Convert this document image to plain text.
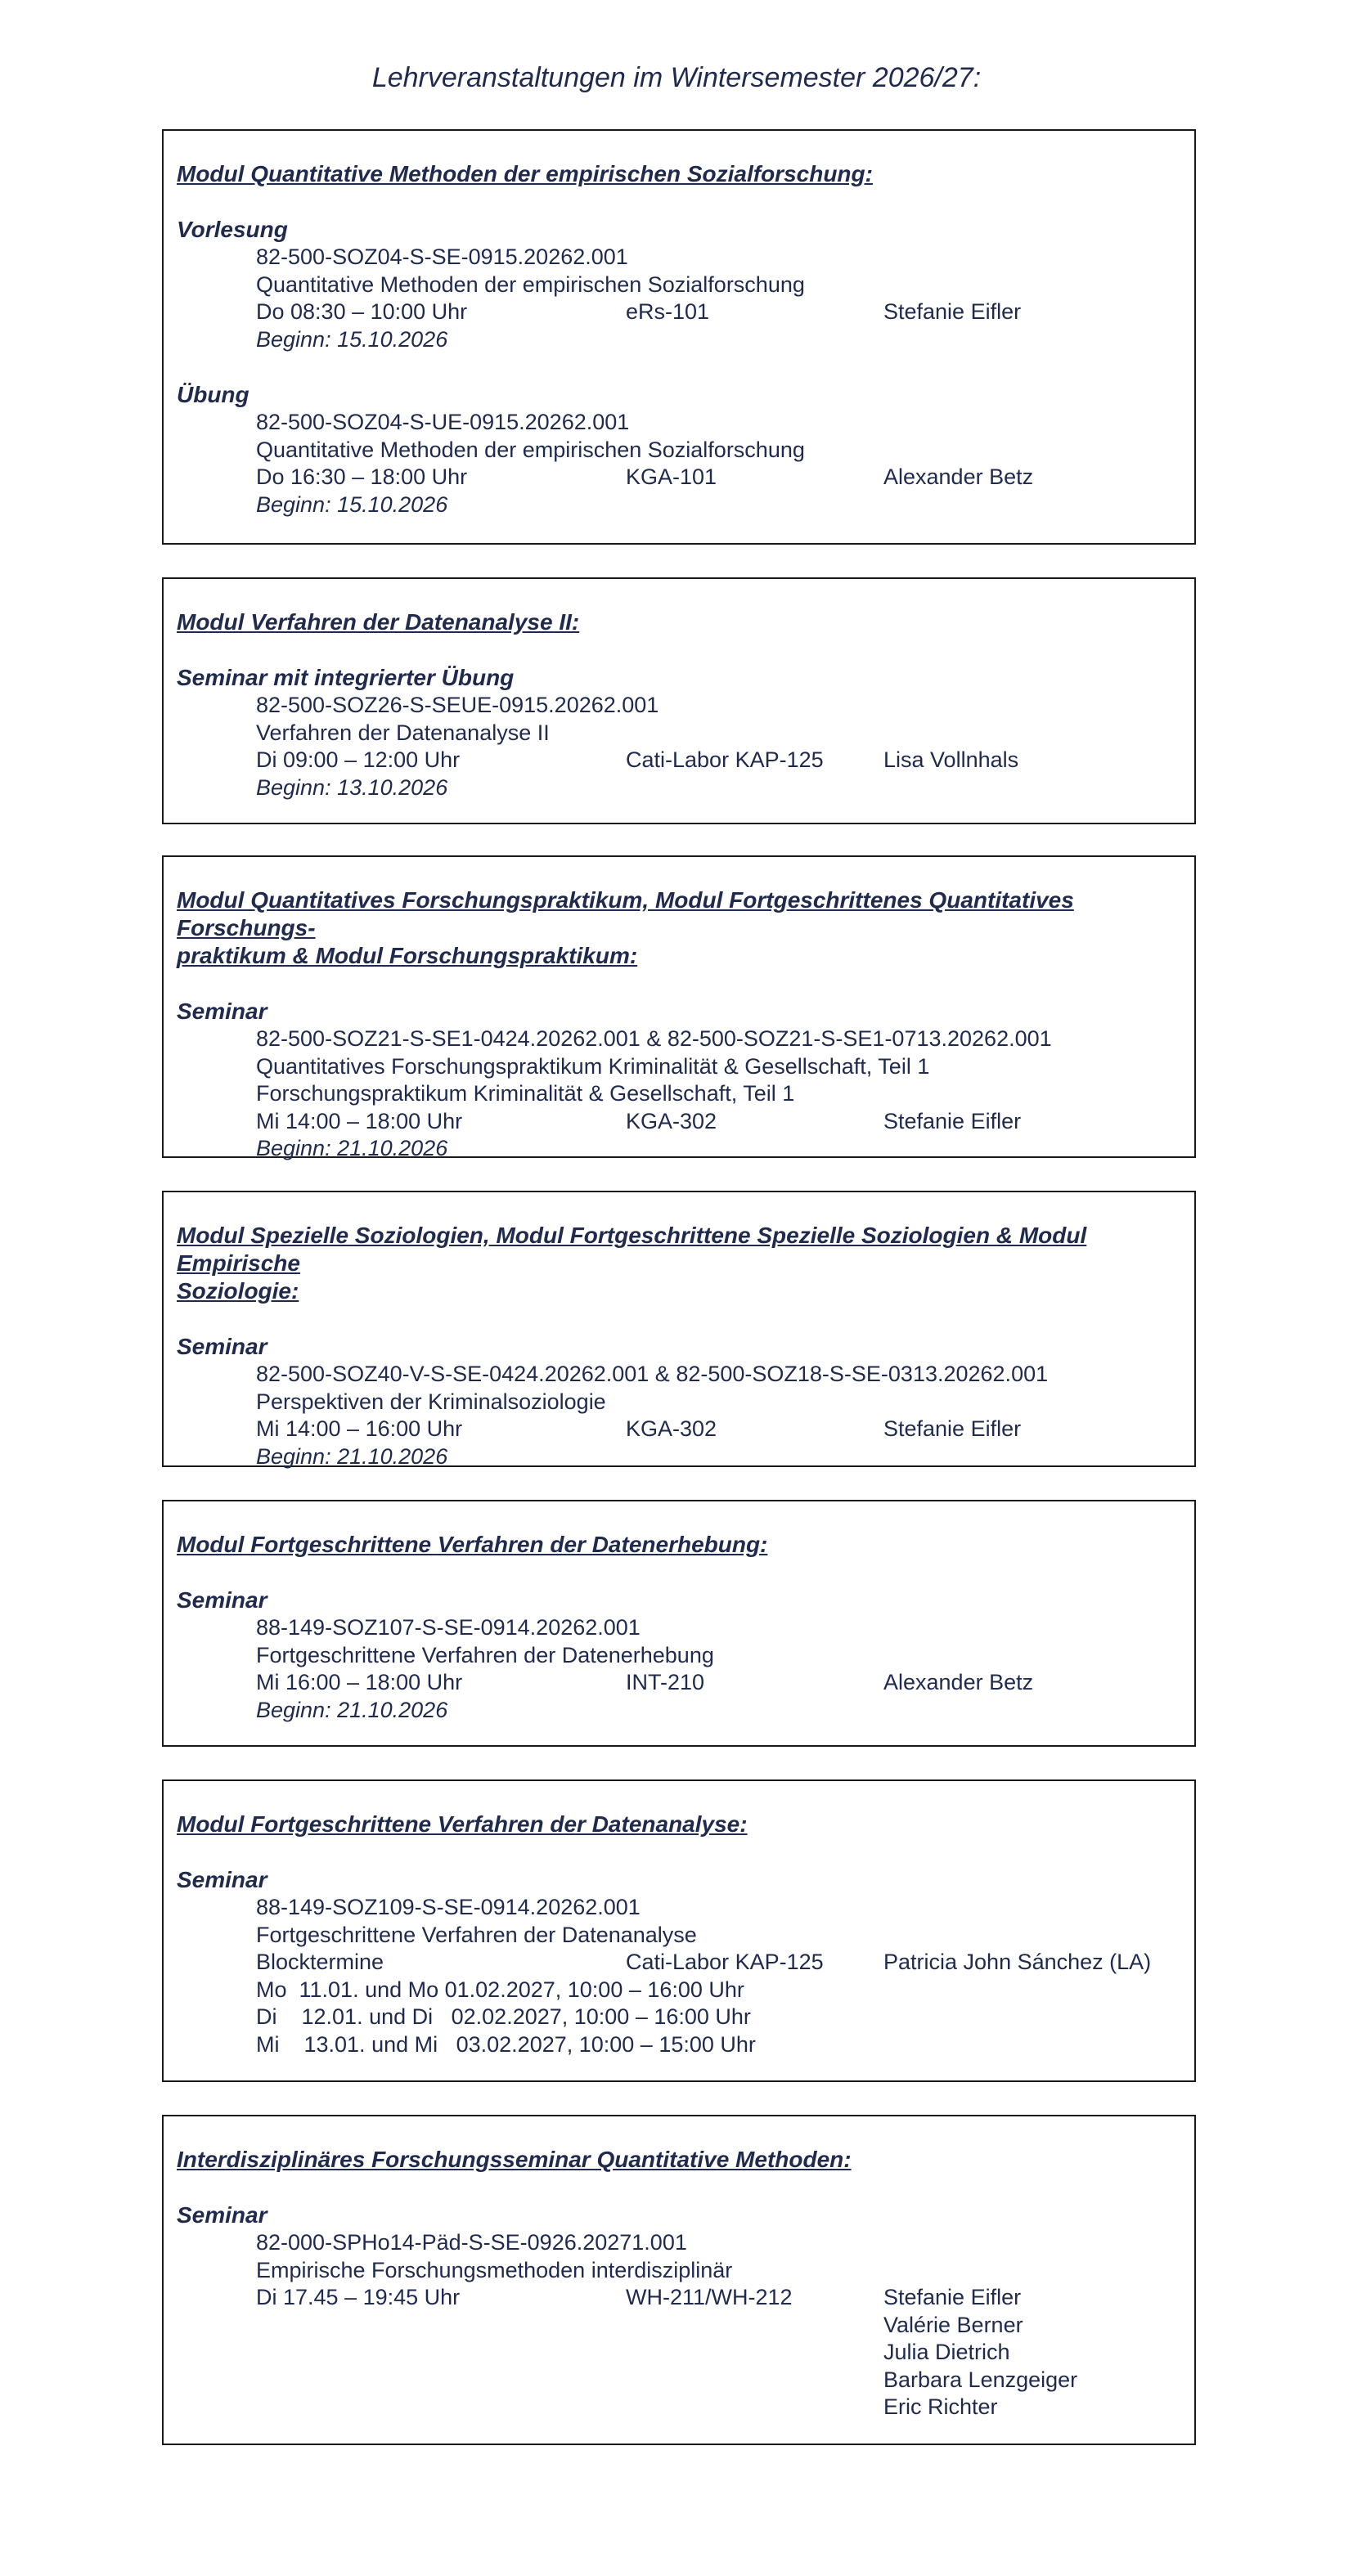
Lehrveranstaltungen im Wintersemester 2026/27:
Modul Quantitative Methoden der empirischen Sozialforschung:
Vorlesung
82-500-SOZ04-S-SE-0915.20262.001
Quantitative Methoden der empirischen Sozialforschung
Do 08:30 – 10:00 Uhr	eRs-101	Stefanie Eifler
Beginn: 15.10.2026
Übung
82-500-SOZ04-S-UE-0915.20262.001
Quantitative Methoden der empirischen Sozialforschung
Do 16:30 – 18:00 Uhr	KGA-101	Alexander Betz
Beginn: 15.10.2026
Modul Verfahren der Datenanalyse II:
Seminar mit integrierter Übung
82-500-SOZ26-S-SEUE-0915.20262.001
Verfahren der Datenanalyse II
Di 09:00 – 12:00 Uhr	Cati-Labor KAP-125	Lisa Vollnhals
Beginn: 13.10.2026
Modul Quantitatives Forschungspraktikum, Modul Fortgeschrittenes Quantitatives Forschungs-
praktikum & Modul Forschungspraktikum:
Seminar
82-500-SOZ21-S-SE1-0424.20262.001 & 82-500-SOZ21-S-SE1-0713.20262.001
Quantitatives Forschungspraktikum Kriminalität & Gesellschaft, Teil 1
Forschungspraktikum Kriminalität & Gesellschaft, Teil 1
Mi 14:00 – 18:00 Uhr	KGA-302	Stefanie Eifler
Beginn: 21.10.2026
Modul Spezielle Soziologien, Modul Fortgeschrittene Spezielle Soziologien & Modul Empirische
Soziologie:
Seminar
82-500-SOZ40-V-S-SE-0424.20262.001 & 82-500-SOZ18-S-SE-0313.20262.001
Perspektiven der Kriminalsoziologie
Mi 14:00 – 16:00 Uhr	KGA-302	Stefanie Eifler
Beginn: 21.10.2026
Modul Fortgeschrittene Verfahren der Datenerhebung:
Seminar
88-149-SOZ107-S-SE-0914.20262.001
Fortgeschrittene Verfahren der Datenerhebung
Mi 16:00 – 18:00 Uhr	INT-210	Alexander Betz
Beginn: 21.10.2026
Modul Fortgeschrittene Verfahren der Datenanalyse:
Seminar
88-149-SOZ109-S-SE-0914.20262.001
Fortgeschrittene Verfahren der Datenanalyse
Blocktermine	Cati-Labor KAP-125	Patricia John Sánchez (LA)
Mo  11.01. und Mo 01.02.2027, 10:00 – 16:00 Uhr
Di    12.01. und Di   02.02.2027, 10:00 – 16:00 Uhr
Mi    13.01. und Mi   03.02.2027, 10:00 – 15:00 Uhr
Interdisziplinäres Forschungsseminar Quantitative Methoden:
Seminar
82-000-SPHo14-Päd-S-SE-0926.20271.001
Empirische Forschungsmethoden interdisziplinär
Di 17.45 – 19:45 Uhr	WH-211/WH-212	Stefanie Eifler
Valérie Berner
Julia Dietrich
Barbara Lenzgeiger
Eric Richter
